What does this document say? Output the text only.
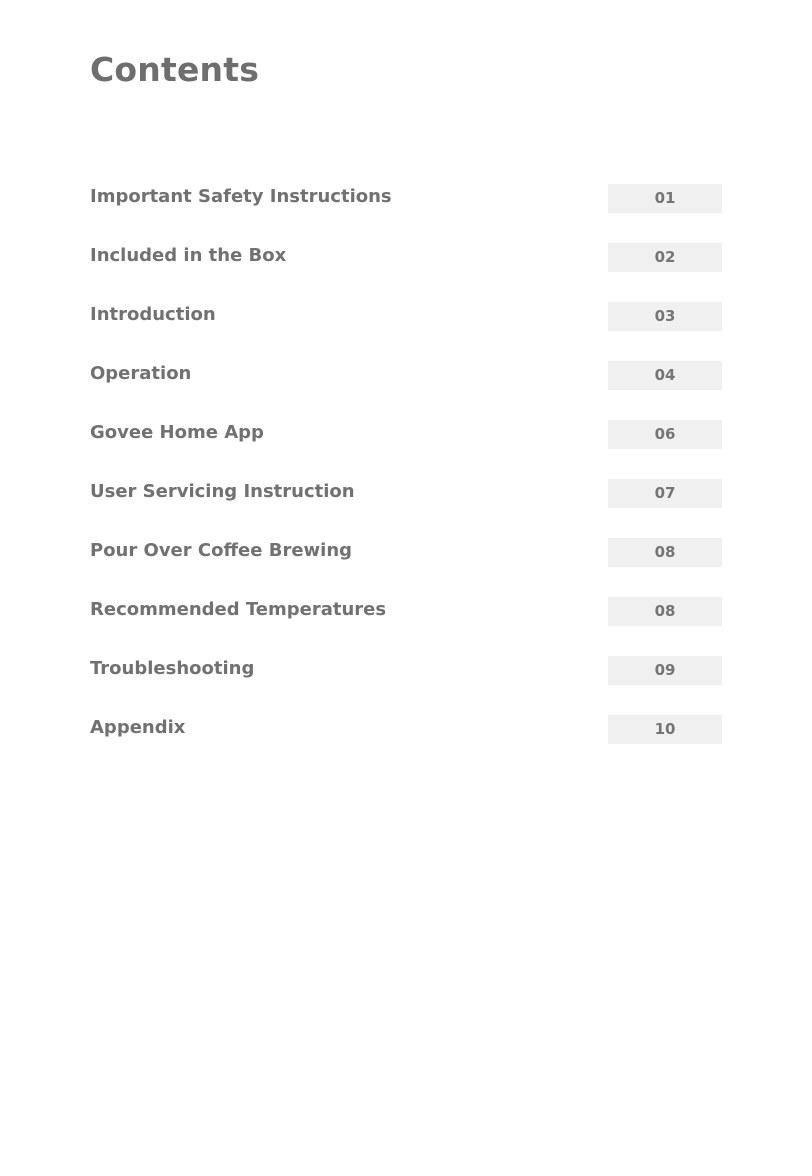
Contents
Important Safety Instructions	01
Included in the Box	02
Introduction	03
Operation	04
Govee Home App	06
User Servicing Instruction	07
Pour Over Coffee Brewing	08
Recommended Temperatures	08
Troubleshooting	09
Appendix	10
